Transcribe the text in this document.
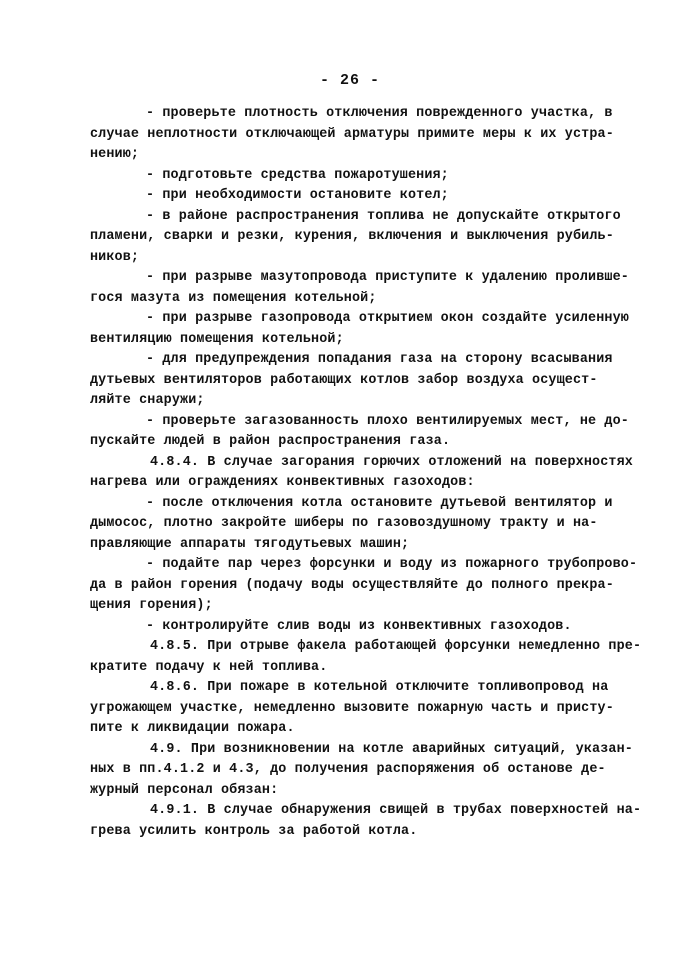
- 26 -
- проверьте плотность отключения поврежденного участка, в
случае неплотности отключающей арматуры примите меры к их устра-
нению;
- подготовьте средства пожаротушения;
- при необходимости остановите котел;
- в районе распространения топлива не допускайте открытого
пламени, сварки и резки, курения, включения и выключения рубиль-
ников;
- при разрыве мазутопровода приступите к удалению пролившe-
гося мазута из помещения котельной;
- при разрыве газопровода открытием окон создайте усиленную
вентиляцию помещения котельной;
- для предупреждения попадания газа на сторону всасывания
дутьевых вентиляторов работающих котлов забор воздуха осущест-
ляйте снаружи;
- проверьте загазованность плохо вентилируемых мест, не до-
пускайте людей в район распространения газа.
4.8.4. В случае загорания горючих отложений на поверхностях
нагрева или ограждениях конвективных газоходов:
- после отключения котла остановите дутьевой вентилятор и
дымосос, плотно закройте шиберы по газовоздушному тракту и на-
правляющие аппараты тягодутьевых машин;
- подайте пар через форсунки и воду из пожарного трубопрово-
да в район горения (подачу воды осуществляйте до полного прекра-
щения горения);
- контролируйте слив воды из конвективных газоходов.
4.8.5. При отрыве факела работающей форсунки немедленно пре-
кратите подачу к ней топлива.
4.8.6. При пожаре в котельной отключите топливопровод на
угрожающем участке, немедленно вызовите пожарную часть и присту-
пите к ликвидации пожара.
4.9. При возникновении на котле аварийных ситуаций, указан-
ных в пп.4.1.2 и 4.3, до получения распоряжения об останове де-
журный персонал обязан:
4.9.1. В случае обнаружения свищей в трубах поверхностей на-
грева усилить контроль за работой котла.
